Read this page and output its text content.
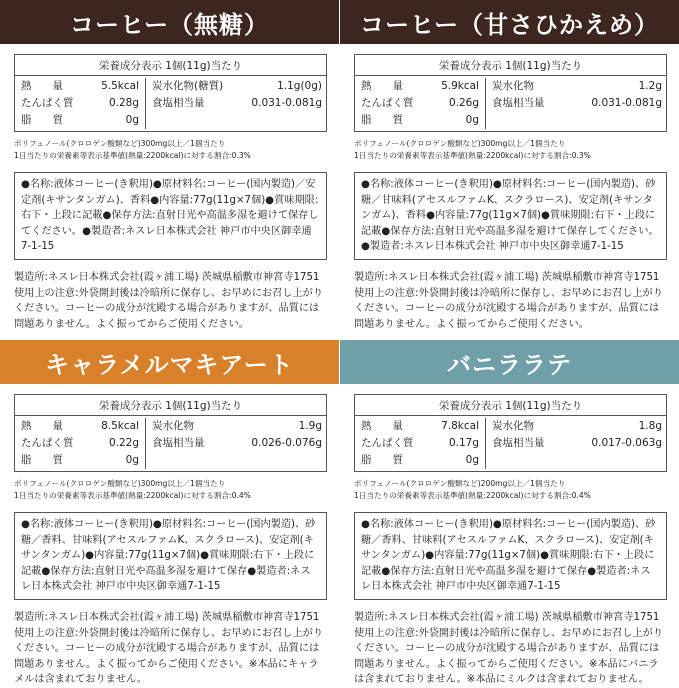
コーヒー（無糖）
栄養成分表示 1個(11g)当たり
熱　　量	5.5kcal
たんぱく質	0.28g
脂　　質	0g
炭水化物(糖質)	1.1g(0g)
食塩相当量	0.031-0.081g
ポリフェノール(クロロゲン酸類など)300mg以上／1個当たり
1日当たりの栄養素等表示基準値(熱量:2200kcal)に対する割合:0.3%
●名称:液体コーヒー(き釈用)●原材料名:コーヒー(国内製造)／安定剤(キサンタンガム)、香料●内容量:77g(11g×7個)●賞味期限:右下・上段に記載●保存方法:直射日光や高温多湿を避けて保存してください。●製造者:ネスレ日本株式会社 神戸市中央区御幸通7-1-15
製造所:ネスレ日本株式会社(霞ヶ浦工場) 茨城県稲敷市神宮寺1751 使用上の注意:外袋開封後は冷暗所に保存し、お早めにお召し上がりください。コーヒーの成分が沈殿する場合がありますが、品質には問題ありません。よく振ってからご使用ください。
コーヒー（甘さひかえめ）
栄養成分表示 1個(11g)当たり
熱　　量	5.9kcal
たんぱく質	0.26g
脂　　質	0g
炭水化物	1.2g
食塩相当量	0.031-0.081g
ポリフェノール(クロロゲン酸類など)300mg以上／1個当たり
1日当たりの栄養素等表示基準値(熱量:2200kcal)に対する割合:0.3%
●名称:液体コーヒー(き釈用)●原材料名:コーヒー(国内製造)、砂糖／甘味料(アセスルファムK、スクラロース)、安定剤(キサンタンガム)、香料●内容量:77g(11g×7個)●賞味期限:右下・上段に記載●保存方法:直射日光や高温多湿を避けて保存してください。●製造者:ネスレ日本株式会社 神戸市中央区御幸通7-1-15
製造所:ネスレ日本株式会社(霞ヶ浦工場) 茨城県稲敷市神宮寺1751 使用上の注意:外袋開封後は冷暗所に保存し、お早めにお召し上がりください。コーヒーの成分が沈殿する場合がありますが、品質には問題ありません。よく振ってからご使用ください。
キャラメルマキアート
栄養成分表示 1個(11g)当たり
熱　　量	8.5kcal
たんぱく質	0.22g
脂　　質	0g
炭水化物	1.9g
食塩相当量	0.026-0.076g
ポリフェノール(クロロゲン酸類など)300mg以上／1個当たり
1日当たりの栄養素等表示基準値(熱量:2200kcal)に対する割合:0.4%
●名称:液体コーヒー(き釈用)●原材料名:コーヒー(国内製造)、砂糖／香料、甘味料(アセスルファムK、スクラロース)、安定剤(キサンタンガム)●内容量:77g(11g×7個)●賞味期限:右下・上段に記載●保存方法:直射日光や高温多湿を避けて保存●製造者:ネスレ日本株式会社 神戸市中央区御幸通7-1-15
製造所:ネスレ日本株式会社(霞ヶ浦工場) 茨城県稲敷市神宮寺1751 使用上の注意:外袋開封後は冷暗所に保存し、お早めにお召し上がりください。コーヒーの成分が沈殿する場合がありますが、品質には問題ありません。よく振ってからご使用ください。※本品にキャラメルは含まれておりません。
バニララテ
栄養成分表示 1個(11g)当たり
熱　　量	7.8kcal
たんぱく質	0.17g
脂　　質	0g
炭水化物	1.8g
食塩相当量	0.017-0.063g
ポリフェノール(クロロゲン酸類など)200mg以上／1個当たり
1日当たりの栄養素等表示基準値(熱量:2200kcal)に対する割合:0.4%
●名称:液体コーヒー(き釈用)●原材料名:コーヒー(国内製造)、砂糖／香料、甘味料(アセスルファムK、スクラロース)、安定剤(キサンタンガム)●内容量:77g(11g×7個)●賞味期限:右下・上段に記載●保存方法:直射日光や高温多湿を避けて保存●製造者:ネスレ日本株式会社 神戸市中央区御幸通7-1-15
製造所:ネスレ日本株式会社(霞ヶ浦工場) 茨城県稲敷市神宮寺1751 使用上の注意:外袋開封後は冷暗所に保存し、お早めにお召し上がりください。コーヒーの成分が沈殿する場合がありますが、品質には問題ありません。よく振ってからご使用ください。※本品にバニラは含まれておりません。※本品にミルクは含まれておりません。
